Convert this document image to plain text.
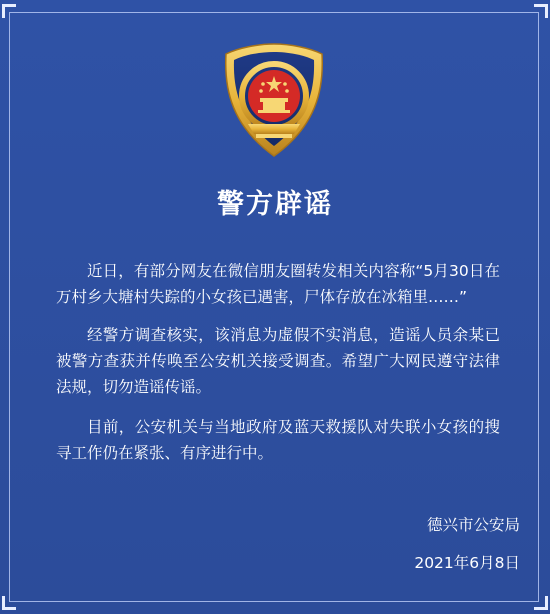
警方辟谣

近日，有部分网友在微信朋友圈转发相关内容称“5月30日在万村乡大塘村失踪的小女孩已遇害，尸体存放在冰箱里……”

经警方调查核实，该消息为虚假不实消息，造谣人员余某已被警方查获并传唤至公安机关接受调查。希望广大网民遵守法律法规，切勿造谣传谣。

目前，公安机关与当地政府及蓝天救援队对失联小女孩的搜寻工作仍在紧张、有序进行中。

德兴市公安局
2021年6月8日
